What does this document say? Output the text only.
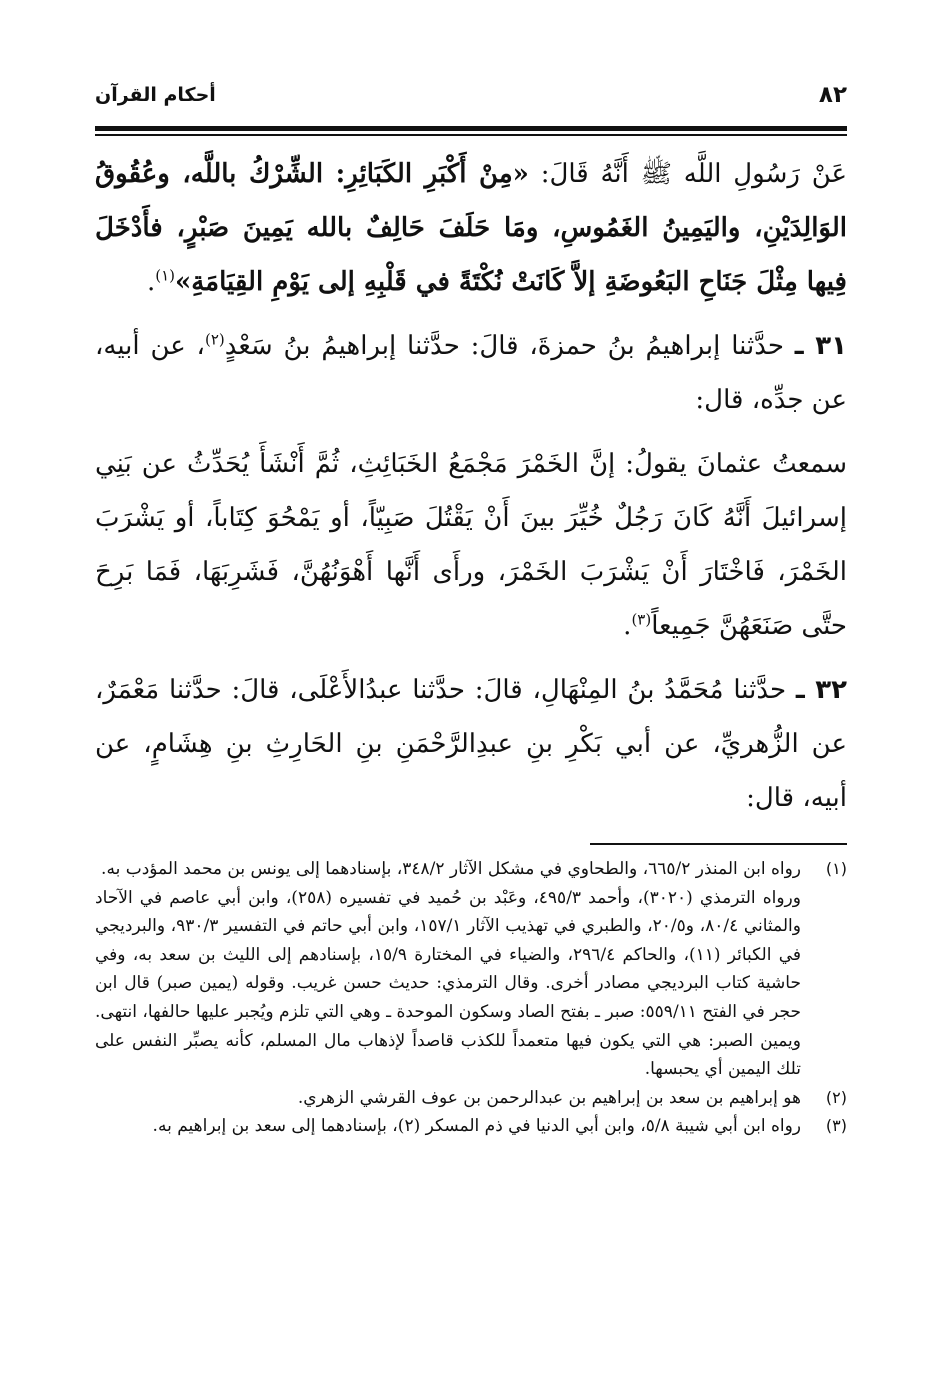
٨٢
أحكام القرآن

عَنْ رَسُولِ اللَّه ﷺ أَنَّهُ قَالَ: «مِنْ أَكْبَرِ الكَبَائِرِ: الشِّرْكُ باللَّه، وعُقُوقُ الوَالِدَيْنِ، واليَمِينُ الغَمُوسِ، ومَا حَلَفَ حَالِفٌ بالله يَمِينَ صَبْرٍ، فأَدْخَلَ فِيها مِثْلَ جَنَاحِ البَعُوضَةِ إلاَّ كَانَتْ نُكْتَةً في قَلْبِهِ إلى يَوْمِ القِيَامَةِ»$^{(١)}$.

٣١ ـ حدَّثنا إبراهيمُ بنُ حمزةَ، قالَ: حدَّثنا إبراهيمُ بنُ سَعْدٍ$^{(٢)}$، عن أبيه، عن جدِّه، قال:

سمعتُ عثمانَ يقولُ: إنَّ الخَمْرَ مَجْمَعُ الخَبَائِثِ، ثُمَّ أَنْشَأَ يُحَدِّثُ عن بَنِي إسرائيلَ أَنَّهُ كَانَ رَجُلٌ خُيِّرَ بينَ أَنْ يَقْتُلَ صَبِيّاً، أو يَمْحُوَ كِتَاباً، أو يَشْرَبَ الخَمْرَ، فَاخْتَارَ أَنْ يَشْرَبَ الخَمْرَ، ورأَى أَنَّها أَهْوَنُهُنَّ، فَشَرِبَهَا، فَمَا بَرِحَ حتَّى صَنَعَهُنَّ جَمِيعاً$^{(٣)}$.

٣٢ ـ حدَّثنا مُحَمَّدُ بنُ المِنْهَالِ، قالَ: حدَّثنا عبدُالأَعْلَى، قالَ: حدَّثنا مَعْمَرٌ، عن الزُّهريِّ، عن أبي بَكْرِ بنِ عبدِالرَّحْمَنِ بنِ الحَارِثِ بنِ هِشَامٍ، عن أبيه، قال:

(١)

رواه ابن المنذر ٦٦٥/٢، والطحاوي في مشكل الآثار ٣٤٨/٢، بإسنادهما إلى يونس بن محمد المؤدب به.

ورواه الترمذي (٣٠٢٠)، وأحمد ٤٩٥/٣، وعَبْد بن حُميد في تفسيره (٢٥٨)، وابن أبي عاصم في الآحاد والمثاني ٨٠/٤، و٢٠/٥، والطبري في تهذيب الآثار ١٥٧/١، وابن أبي حاتم في التفسير ٩٣٠/٣، والبرديجي في الكبائر (١١)، والحاكم ٢٩٦/٤، والضياء في المختارة ١٥/٩، بإسنادهم إلى الليث بن سعد به، وفي حاشية كتاب البرديجي مصادر أخرى. وقال الترمذي: حديث حسن غريب. وقوله (يمين صبر) قال ابن حجر في الفتح ٥٥٩/١١: صبر ـ بفتح الصاد وسكون الموحدة ـ وهي التي تلزم ويُجبر عليها حالفها، انتهى. ويمين الصبر: هي التي يكون فيها متعمداً للكذب قاصداً لإذهاب مال المسلم، كأنه يصبِّر النفس على تلك اليمين أي يحبسها.

(٢)

هو إبراهيم بن سعد بن إبراهيم بن عبدالرحمن بن عوف القرشي الزهري.

(٣)

رواه ابن أبي شيبة ٥/٨، وابن أبي الدنيا في ذم المسكر (٢)، بإسنادهما إلى سعد بن إبراهيم به.
